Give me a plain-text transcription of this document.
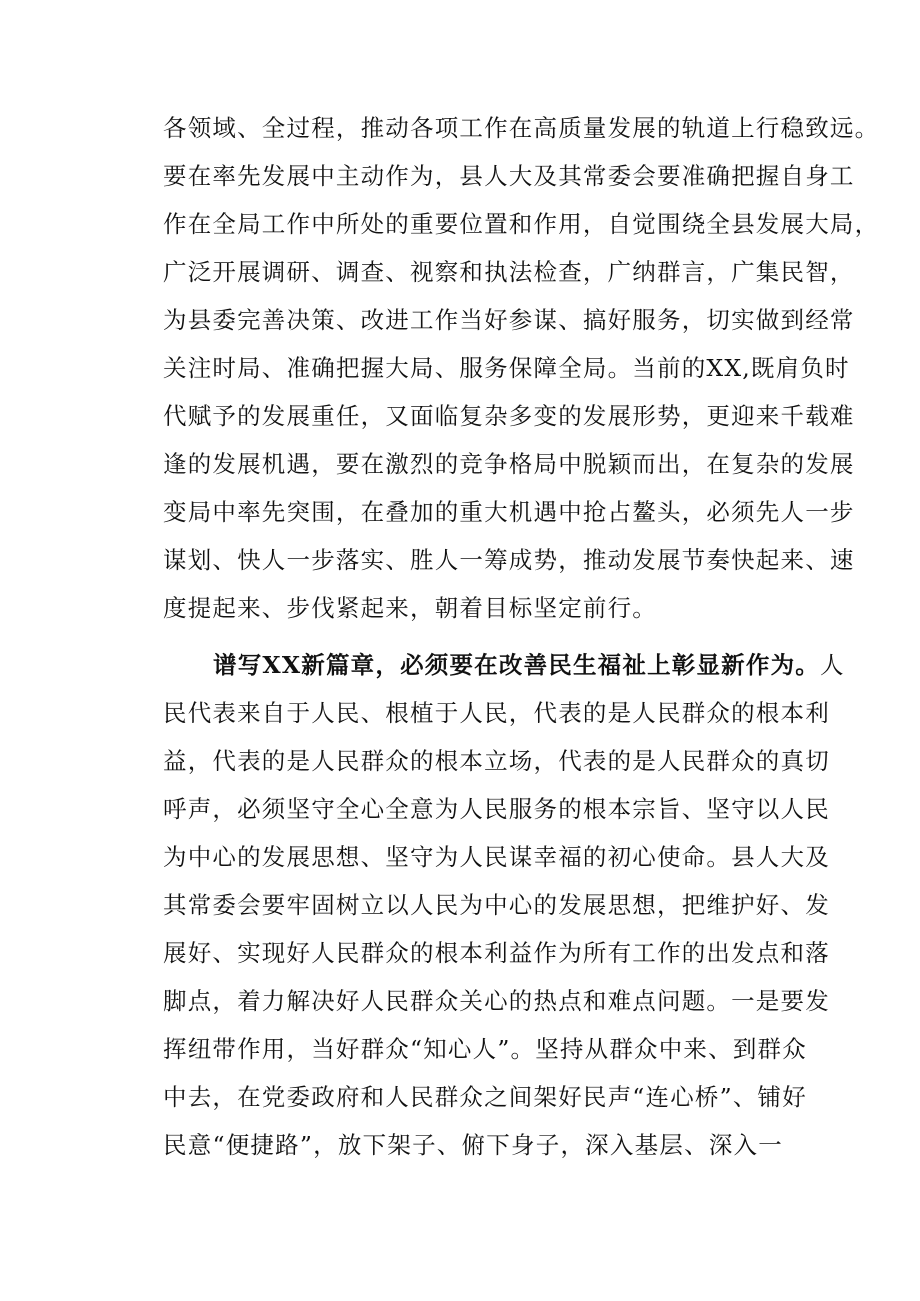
各领域、全过程，推动各项工作在高质量发展的轨道上行稳致远。
要在率先发展中主动作为，县人大及其常委会要准确把握自身工
作在全局工作中所处的重要位置和作用，自觉围绕全县发展大局，
广泛开展调研、调查、视察和执法检查，广纳群言，广集民智，
为县委完善决策、改进工作当好参谋、搞好服务，切实做到经常
关注时局、准确把握大局、服务保障全局。当前的XX,既肩负时
代赋予的发展重任，又面临复杂多变的发展形势，更迎来千载难
逢的发展机遇，要在激烈的竞争格局中脱颖而出，在复杂的发展
变局中率先突围，在叠加的重大机遇中抢占鳌头，必须先人一步
谋划、快人一步落实、胜人一筹成势，推动发展节奏快起来、速
度提起来、步伐紧起来，朝着目标坚定前行。
谱写XX新篇章，必须要在改善民生福祉上彰显新作为。人
民代表来自于人民、根植于人民，代表的是人民群众的根本利
益，代表的是人民群众的根本立场，代表的是人民群众的真切
呼声，必须坚守全心全意为人民服务的根本宗旨、坚守以人民
为中心的发展思想、坚守为人民谋幸福的初心使命。县人大及
其常委会要牢固树立以人民为中心的发展思想，把维护好、发
展好、实现好人民群众的根本利益作为所有工作的出发点和落
脚点，着力解决好人民群众关心的热点和难点问题。一是要发
挥纽带作用，当好群众“知心人”。坚持从群众中来、到群众
中去，在党委政府和人民群众之间架好民声“连心桥”、铺好
民意“便捷路”，放下架子、俯下身子，深入基层、深入一
